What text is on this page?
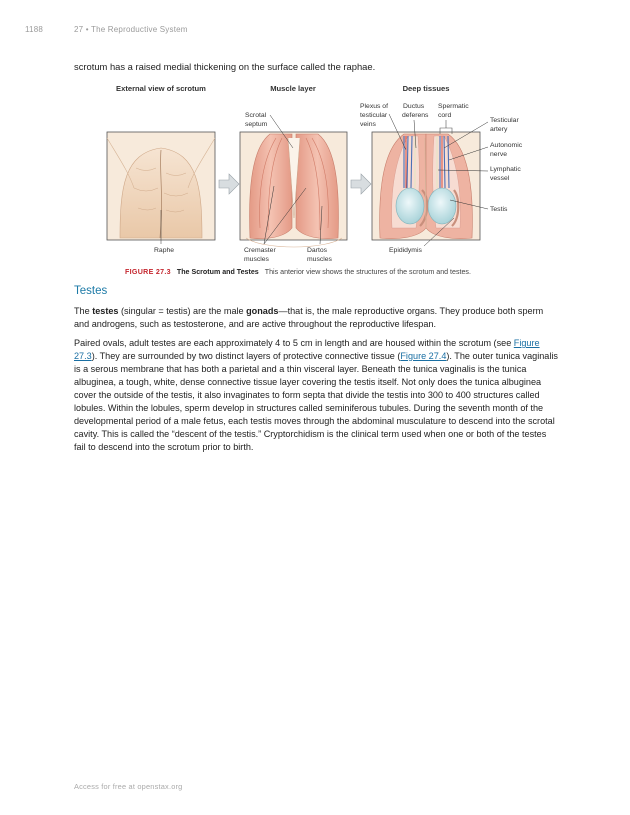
1188	27 • The Reproductive System
scrotum has a raised medial thickening on the surface called the raphae.
External view of scrotum	Muscle layer	Deep tissues
Raphe
Scrotal
septum
Cremaster
muscles
Dartos
muscles
Plexus of
testicular
veins
Ductus
deferens
Spermatic
cord
Testicular
artery
Autonomic
nerve
Lymphatic
vessel
Testis
Epididymis
FIGURE 27.3 The Scrotum and Testes This anterior view shows the structures of the scrotum and testes.
Testes

The testes (singular = testis) are the male gonads—that is, the male reproductive organs. They produce both sperm and androgens, such as testosterone, and are active throughout the reproductive lifespan.

Paired ovals, adult testes are each approximately 4 to 5 cm in length and are housed within the scrotum (see Figure 27.3). They are surrounded by two distinct layers of protective connective tissue (Figure 27.4). The outer tunica vaginalis is a serous membrane that has both a parietal and a thin visceral layer. Beneath the tunica vaginalis is the tunica albuginea, a tough, white, dense connective tissue layer covering the testis itself. Not only does the tunica albuginea cover the outside of the testis, it also invaginates to form septa that divide the testis into 300 to 400 structures called lobules. Within the lobules, sperm develop in structures called seminiferous tubules. During the seventh month of the developmental period of a male fetus, each testis moves through the abdominal musculature to descend into the scrotal cavity. This is called the “descent of the testis.” Cryptorchidism is the clinical term used when one or both of the testes fail to descend into the scrotum prior to birth.

Access for free at openstax.org
